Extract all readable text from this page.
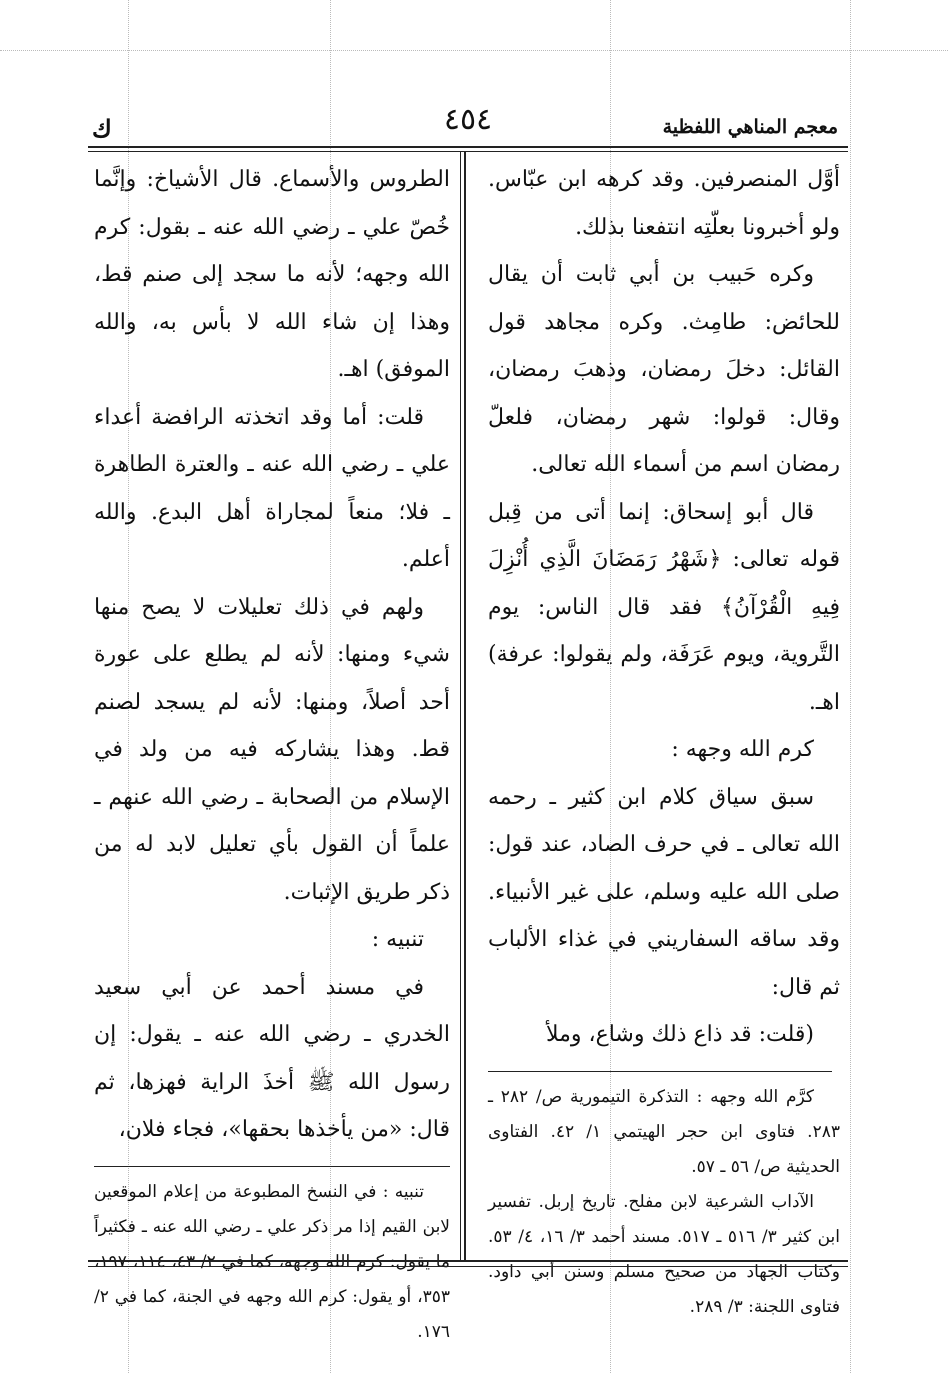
معجم المناهي اللفظية
٤٥٤
ك

أوَّل المنصرفين. وقد كرهه ابن عبّاس. ولو أخبرونا بعلّتِه انتفعنا بذلك.

وكره حَبيب بن أبي ثابت أن يقال للحائض: طامِث. وكره مجاهد قول القائل: دخلَ رمضان، وذهبَ رمضان، وقال: قولوا: شهر رمضان، فلعلّ رمضان اسم من أسماء الله تعالى.

قال أبو إسحاق: إنما أتى من قِبل قوله تعالى: ﴿شَهْرُ رَمَضَانَ الَّذِي أُنْزِلَ فِيهِ الْقُرْآنُ﴾ فقد قال الناس: يوم التَّروية، ويوم عَرَفَة، ولم يقولوا: عرفة) اهـ.

كرم الله وجهه :

سبق سياق كلام ابن كثير ـ رحمه الله تعالى ـ في حرف الصاد، عند قول: صلى الله عليه وسلم، على غير الأنبياء. وقد ساقه السفاريني في غذاء الألباب ثم قال:

(قلت: قد ذاع ذلك وشاع، وملأ

كرَّم الله وجهه : التذكرة التيمورية ص/ ٢٨٢ ـ ٢٨٣. فتاوى ابن حجر الهيتمي ١/ ٤٢. الفتاوى الحديثية ص/ ٥٦ ـ ٥٧.

الآداب الشرعية لابن مفلح. تاريخ إربل. تفسير ابن كثير ٣/ ٥١٦ ـ ٥١٧. مسند أحمد ٣/ ١٦، ٤/ ٥٣. وكتاب الجهاد من صحيح مسلم وسنن أبي داود. فتاوى اللجنة: ٣/ ٢٨٩.

الطروس والأسماع. قال الأشياخ: وإنَّما خُصّ علي ـ رضي الله عنه ـ بقول: كرم الله وجهه؛ لأنه ما سجد إلى صنم قط، وهذا إن شاء الله لا بأس به، والله الموفق) اهـ.

قلت: أما وقد اتخذته الرافضة أعداء علي ـ رضي الله عنه ـ والعترة الطاهرة ـ فلا؛ منعاً لمجاراة أهل البدع. والله أعلم.

ولهم في ذلك تعليلات لا يصح منها شيء ومنها: لأنه لم يطلع على عورة أحد أصلاً، ومنها: لأنه لم يسجد لصنم قط. وهذا يشاركه فيه من ولد في الإسلام من الصحابة ـ رضي الله عنهم ـ علماً أن القول بأي تعليل لابد له من ذكر طريق الإثبات.

تنبيه :

في مسند أحمد عن أبي سعيد الخدري ـ رضي الله عنه ـ يقول: إن رسول الله ﷺ أخذَ الراية فهزها، ثم قال: «من يأخذها بحقها»، فجاء فلان،

تنبيه : في النسخ المطبوعة من إعلام الموقعين لابن القيم إذا مر ذكر علي ـ رضي الله عنه ـ فكثيراً ما يقول: كرم الله وجهه، كما في ٢/ ٤٣، ١١٤، ١٩٧، ٣٥٣، أو يقول: كرم الله وجهه في الجنة، كما في ٢/ ١٧٦.
